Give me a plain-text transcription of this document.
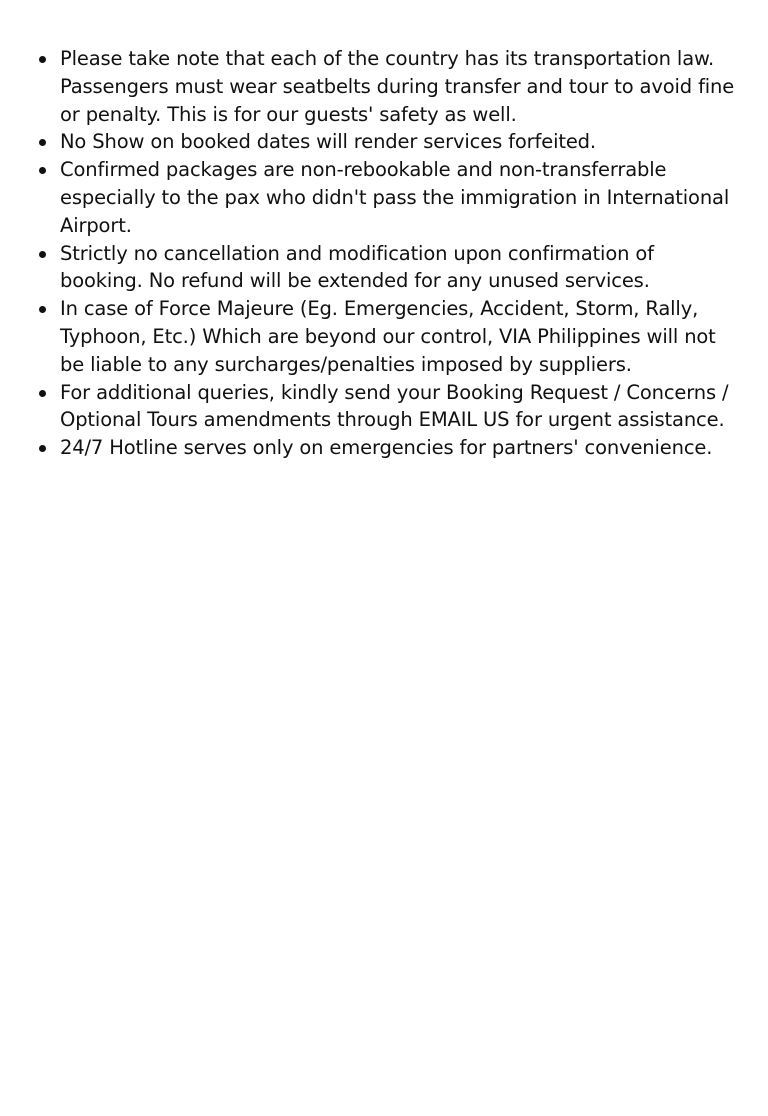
Please take note that each of the country has its transportation law. Passengers must wear seatbelts during transfer and tour to avoid fine or penalty. This is for our guests' safety as well.
No Show on booked dates will render services forfeited.
Confirmed packages are non-rebookable and non-transferrable especially to the pax who didn't pass the immigration in International Airport.
Strictly no cancellation and modification upon confirmation of booking. No refund will be extended for any unused services.
In case of Force Majeure (Eg. Emergencies, Accident, Storm, Rally, Typhoon, Etc.) Which are beyond our control, VIA Philippines will not be liable to any surcharges/penalties imposed by suppliers.
For additional queries, kindly send your Booking Request / Concerns / Optional Tours amendments through EMAIL US for urgent assistance.
24/7 Hotline serves only on emergencies for partners' convenience.
